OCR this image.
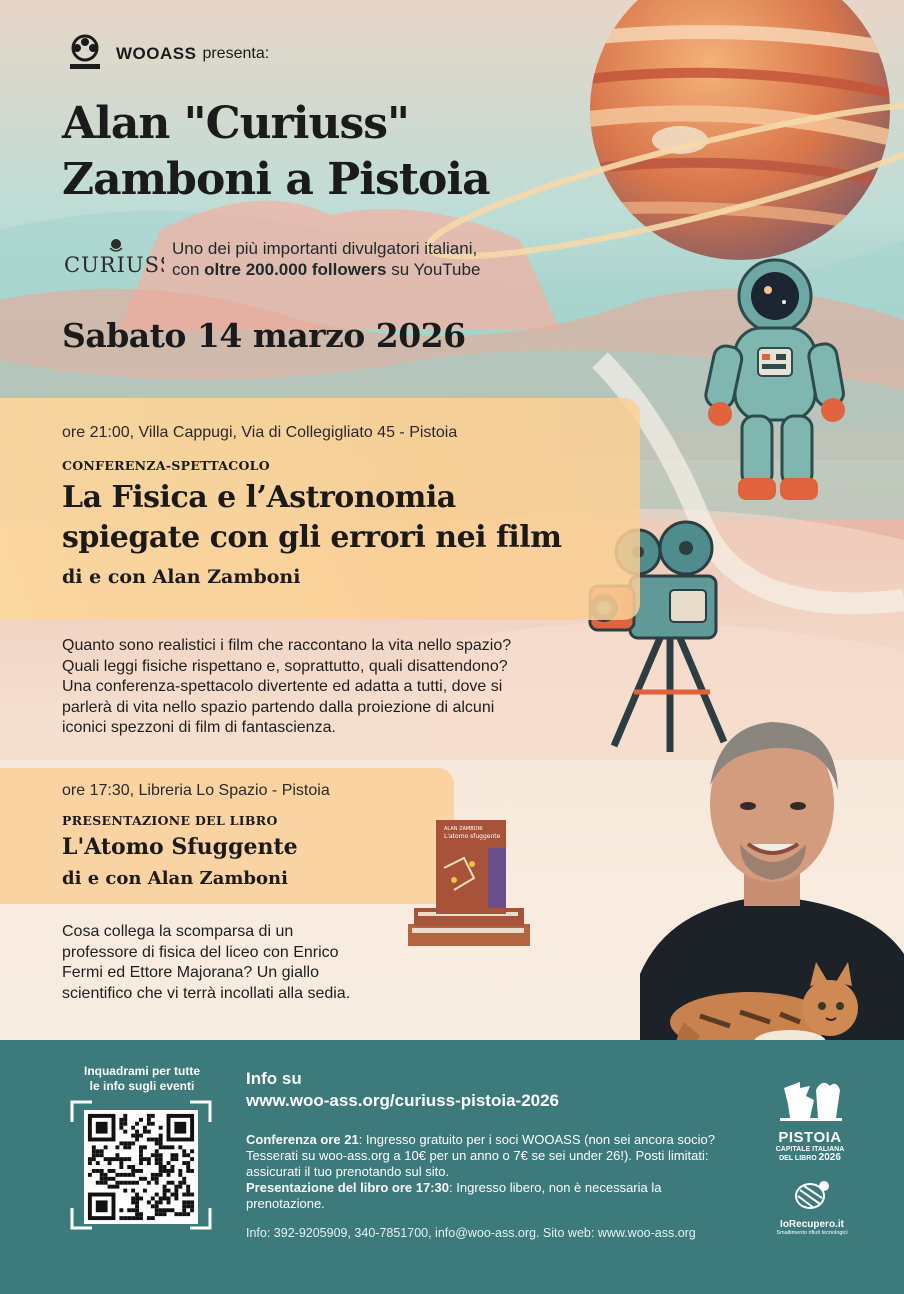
WOOASS presenta:
Alan "Curiuss"
Zamboni a Pistoia
CURIUSS
Uno dei più importanti divulgatori italiani,
con oltre 200.000 followers su YouTube
Sabato 14 marzo 2026
ore 21:00, Villa Cappugi, Via di Collegigliato 45 - Pistoia
CONFERENZA-SPETTACOLO
La Fisica e l’Astronomia
spiegate con gli errori nei film
di e con Alan Zamboni
Quanto sono realistici i film che raccontano la vita nello spazio?
Quali leggi fisiche rispettano e, soprattutto, quali disattendono?
Una conferenza-spettacolo divertente ed adatta a tutti, dove si
parlerà di vita nello spazio partendo dalla proiezione di alcuni
iconici spezzoni di film di fantascienza.
ore 17:30, Libreria Lo Spazio - Pistoia
PRESENTAZIONE DEL LIBRO
L'Atomo Sfuggente
di e con Alan Zamboni
Cosa collega la scomparsa di un
professore di fisica del liceo con Enrico
Fermi ed Ettore Majorana? Un giallo
scientifico che vi terrà incollati alla sedia.
ALAN ZAMBONI
L'atomo sfuggente
Inquadrami per tutte
le info sugli eventi	Info su
www.woo-ass.org/curiuss-pistoia-2026
Conferenza ore 21: Ingresso gratuito per i soci WOOASS (non sei ancora socio? Tesserati su woo-ass.org a 10€ per un anno o 7€ se sei under 26!). Posti limitati: assicurati il tuo prenotando sul sito.
Presentazione del libro ore 17:30: Ingresso libero, non è necessaria la prenotazione.
Info: 392-9205909, 340-7851700, info@woo-ass.org. Sito web: www.woo-ass.org
PISTOIA
CAPITALE ITALIANA
DEL LIBRO 2026
IoRecupero.it
Smaltimento rifiuti tecnologici
